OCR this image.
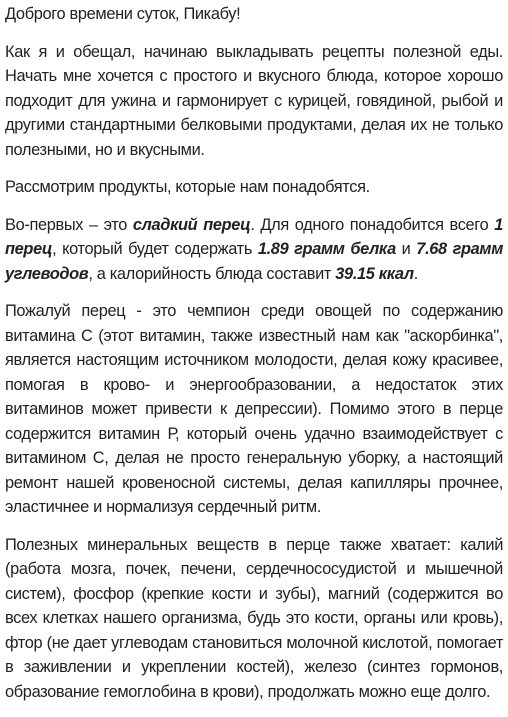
Доброго времени суток, Пикабу!

Как я и обещал, начинаю выкладывать рецепты полезной еды. Начать мне хочется с простого и вкусного блюда, которое хорошо подходит для ужина и гармонирует с курицей, говядиной, рыбой и другими стандартными белковыми продуктами, делая их не только полезными, но и вкусными.

Рассмотрим продукты, которые нам понадобятся.

Во-первых – это сладкий перец. Для одного понадобится всего 1 перец, который будет содержать 1.89 грамм белка и 7.68 грамм углеводов, а калорийность блюда составит 39.15 ккал.

Пожалуй перец - это чемпион среди овощей по содержанию витамина С (этот витамин, также известный нам как "аскорбинка", является настоящим источником молодости, делая кожу красивее, помогая в крово- и энергообразовании, а недостаток этих витаминов может привести к депрессии). Помимо этого в перце содержится витамин Р, который очень удачно взаимодействует с витамином С, делая не просто генеральную уборку, а настоящий ремонт нашей кровеносной системы, делая капилляры прочнее, эластичнее и нормализуя сердечный ритм.

Полезных минеральных веществ в перце также хватает: калий (работа мозга, почек, печени, сердечнососудистой и мышечной систем), фосфор (крепкие кости и зубы), магний (содержится во всех клетках нашего организма, будь это кости, органы или кровь), фтор (не дает углеводам становиться молочной кислотой, помогает в заживлении и укреплении костей), железо (синтез гормонов, образование гемоглобина в крови), продолжать можно еще долго.
